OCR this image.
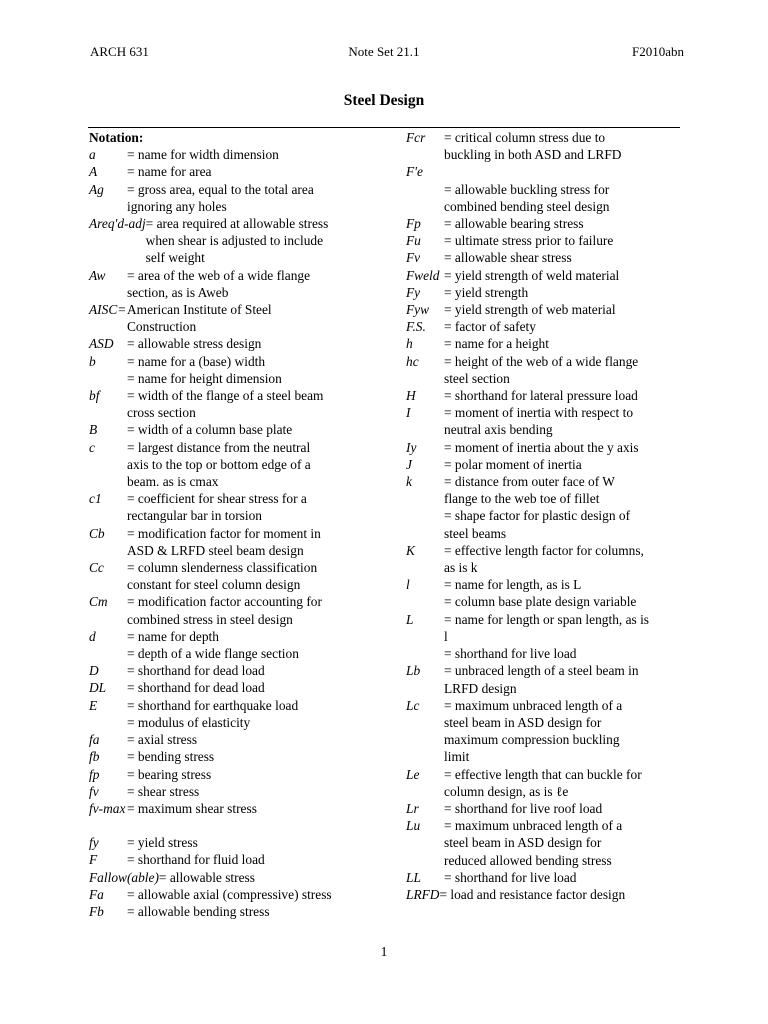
ARCH 631	Note Set 21.1	F2010abn
Steel Design
Notation:
a	= name for width dimension
A	= name for area
Ag	= gross area, equal to the total area
ignoring any holes
Areq'd-adj = area required at allowable stress
when shear is adjusted to include
self weight
Aw	= area of the web of a wide flange
section, as is Aweb
AISC= American Institute of Steel
Construction
ASD	= allowable stress design
b	= name for a (base) width
= name for height dimension
bf	= width of the flange of a steel beam
cross section
B	= width of a column base plate
c	= largest distance from the neutral
axis to the top or bottom edge of a
beam. as is cmax
c1	= coefficient for shear stress for a
rectangular bar in torsion
Cb	= modification factor for moment in
ASD & LRFD steel beam design
Cc	= column slenderness classification
constant for steel column design
Cm	= modification factor accounting for
combined stress in steel design
d	= name for depth
= depth of a wide flange section
D	= shorthand for dead load
DL	= shorthand for dead load
E	= shorthand for earthquake load
= modulus of elasticity
fa	= axial stress
fb	= bending stress
fp	= bearing stress
fv	= shear stress
fv-max = maximum shear stress
fy	= yield stress
F	= shorthand for fluid load
Fallow(able) = allowable stress
Fa	= allowable axial (compressive) stress
Fb	= allowable bending stress
Fcr	= critical column stress due to
buckling in both ASD and LRFD
F'e

= allowable buckling stress for
combined bending steel design
Fp	= allowable bearing stress
Fu	= ultimate stress prior to failure
Fv	= allowable shear stress
Fweld = yield strength of weld material
Fy	= yield strength
Fyw	= yield strength of web material
F.S.	= factor of safety
h	= name for a height
hc	= height of the web of a wide flange
steel section
H	= shorthand for lateral pressure load
I	= moment of inertia with respect to
neutral axis bending
Iy	= moment of inertia about the y axis
J	= polar moment of inertia
k	= distance from outer face of W
flange to the web toe of fillet
= shape factor for plastic design of
steel beams
K	= effective length factor for columns,
as is k
l	= name for length, as is L
= column base plate design variable
L	= name for length or span length, as is
l
= shorthand for live load
Lb	= unbraced length of a steel beam in
LRFD design
Lc	= maximum unbraced length of a
steel beam in ASD design for
maximum compression buckling
limit
Le	= effective length that can buckle for
column design, as is ℓe
Lr	= shorthand for live roof load
Lu	= maximum unbraced length of a
steel beam in ASD design for
reduced allowed bending stress
LL	= shorthand for live load
LRFD = load and resistance factor design
1
